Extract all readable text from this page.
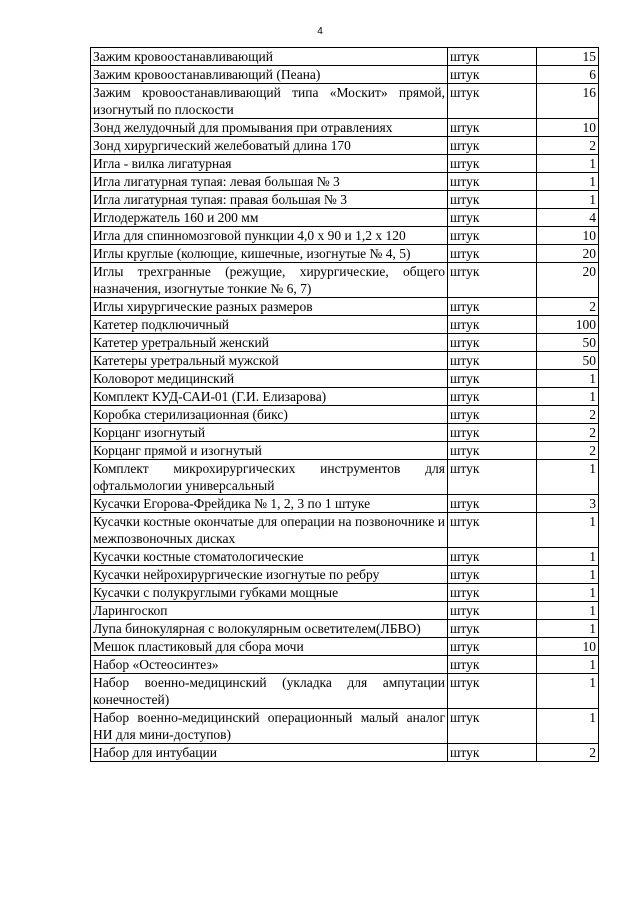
4
Зажим кровоостанавливающий	штук	15
Зажим кровоостанавливающий (Пеана)	штук	6
Зажим кровоостанавливающий типа «Москит» прямой, изогнутый по плоскости	штук	16
Зонд желудочный для промывания при отравлениях	штук	10
Зонд хирургический желебоватый длина 170	штук	2
Игла - вилка лигатурная	штук	1
Игла лигатурная тупая: левая большая № 3	штук	1
Игла лигатурная тупая: правая большая № 3	штук	1
Иглодержатель 160 и 200 мм	штук	4
Игла для спинномозговой пункции 4,0 х 90 и 1,2 х 120	штук	10
Иглы круглые (колющие, кишечные, изогнутые № 4, 5)	штук	20
Иглы трехгранные (режущие, хирургические, общего назначения, изогнутые тонкие № 6, 7)	штук	20
Иглы хирургические разных размеров	штук	2
Катетер подключичный	штук	100
Катетер уретральный женский	штук	50
Катетеры уретральный мужской	штук	50
Коловорот медицинский	штук	1
Комплект КУД-САИ-01 (Г.И. Елизарова)	штук	1
Коробка стерилизационная (бикс)	штук	2
Корцанг изогнутый	штук	2
Корцанг прямой и изогнутый	штук	2
Комплект микрохирургических инструментов для офтальмологии универсальный	штук	1
Кусачки Егорова-Фрейдика № 1, 2, 3 по 1 штуке	штук	3
Кусачки костные окончатые для операции на позвоночнике и межпозвоночных дисках	штук	1
Кусачки костные стоматологические	штук	1
Кусачки нейрохирургические изогнутые по ребру	штук	1
Кусачки с полукруглыми губками мощные	штук	1
Ларингоскоп	штук	1
Лупа бинокулярная с волокулярным осветителем(ЛБВО)	штук	1
Мешок пластиковый для сбора мочи	штук	10
Набор «Остеосинтез»	штук	1
Набор военно-медицинский (укладка для ампутации конечностей)	штук	1
Набор военно-медицинский операционный малый аналог НИ для мини-доступов)	штук	1
Набор для интубации	штук	2
